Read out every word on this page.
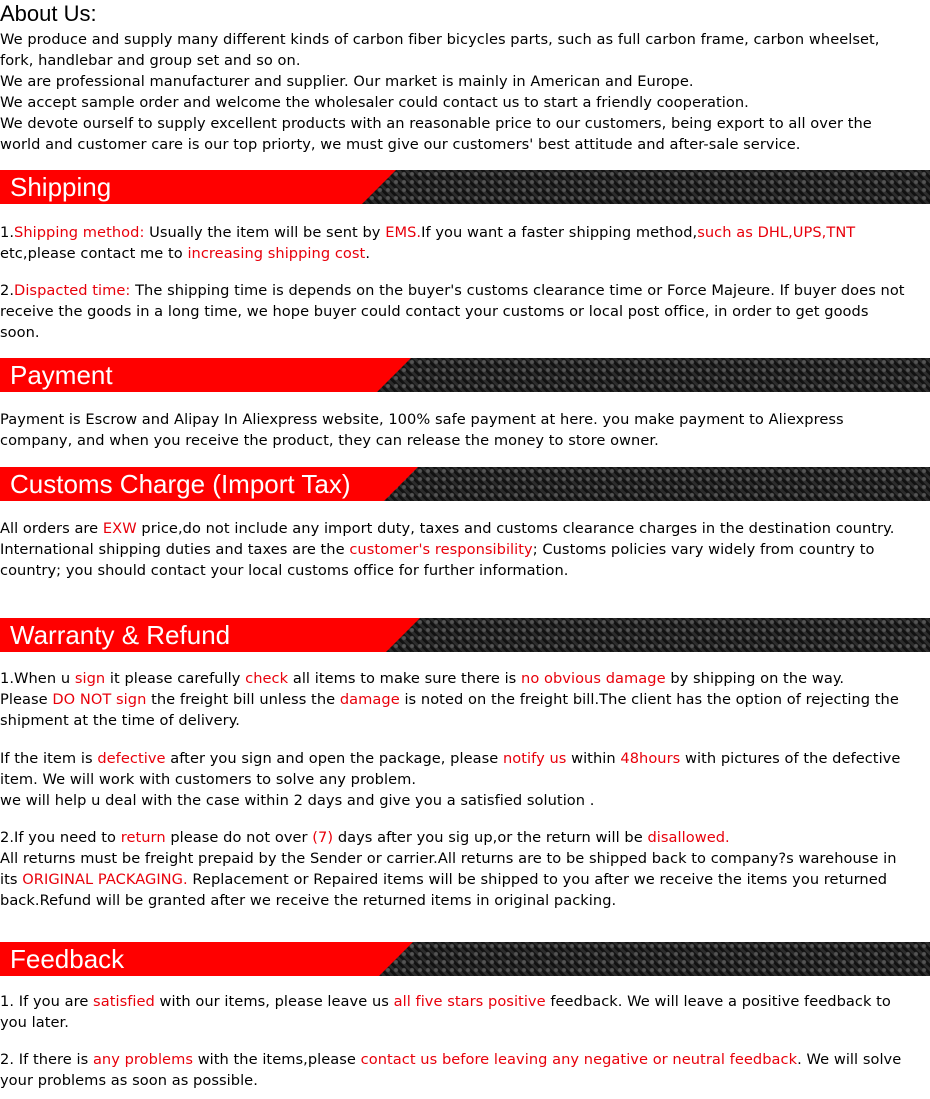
About Us:
We produce and supply many different kinds of carbon fiber bicycles parts, such as full carbon frame, carbon wheelset,
fork, handlebar and group set and so on.
We are professional manufacturer and supplier. Our market is mainly in American and Europe.
We accept sample order and welcome the wholesaler could contact us to start a friendly cooperation.
We devote ourself to supply excellent products with an reasonable price to our customers, being export to all over the
world and customer care is our top priorty, we must give our customers' best attitude and after-sale service.
Shipping
1.Shipping method: Usually the item will be sent by EMS.If you want a faster shipping method,such as DHL,UPS,TNT
etc,please contact me to increasing shipping cost.
2.Dispacted time: The shipping time is depends on the buyer's customs clearance time or Force Majeure. If buyer does not
receive the goods in a long time, we hope buyer could contact your customs or local post office, in order to get goods
soon.
Payment
Payment is Escrow and Alipay In Aliexpress website, 100% safe payment at here. you make payment to Aliexpress
company, and when you receive the product, they can release the money to store owner.
Customs Charge (Import Tax)
All orders are EXW price,do not include any import duty, taxes and customs clearance charges in the destination country.
International shipping duties and taxes are the customer's responsibility; Customs policies vary widely from country to
country; you should contact your local customs office for further information.
Warranty & Refund
1.When u sign it please carefully check all items to make sure there is no obvious damage by shipping on the way.
Please DO NOT sign the freight bill unless the damage is noted on the freight bill.The client has the option of rejecting the
shipment at the time of delivery.
If the item is defective after you sign and open the package, please notify us within 48hours with pictures of the defective
item. We will work with customers to solve any problem.
we will help u deal with the case within 2 days and give you a satisfied solution .
2.If you need to return please do not over (7) days after you sig up,or the return will be disallowed.
All returns must be freight prepaid by the Sender or carrier.All returns are to be shipped back to company?s warehouse in
its ORIGINAL PACKAGING. Replacement or Repaired items will be shipped to you after we receive the items you returned
back.Refund will be granted after we receive the returned items in original packing.
Feedback
1. If you are satisfied with our items, please leave us all five stars positive feedback. We will leave a positive feedback to
you later.
2. If there is any problems with the items,please contact us before leaving any negative or neutral feedback. We will solve
your problems as soon as possible.
